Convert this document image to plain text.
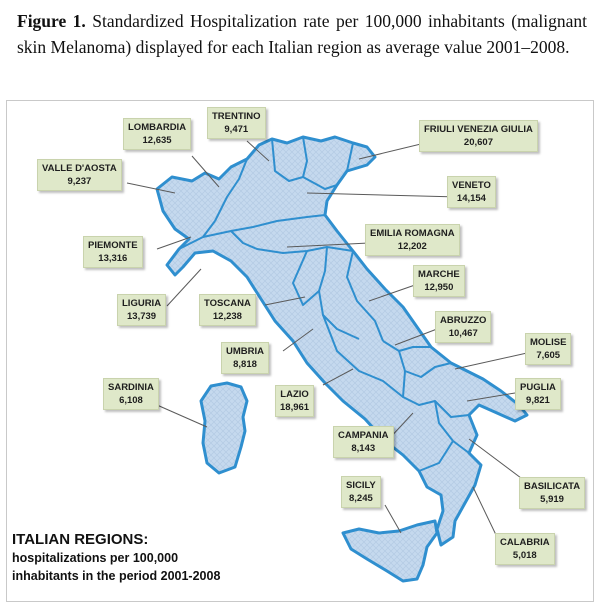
Figure 1. Standardized Hospitalization rate per 100,000 inhabitants (malignant skin Melanoma) displayed for each Italian region as average value 2001–2008.
TRENTINO
9,471
LOMBARDIA
12,635
FRIULI VENEZIA GIULIA
20,607
VALLE D'AOSTA
9,237	VENETO
14,154
EMILIA ROMAGNA
12,202
PIEMONTE
13,316
MARCHE
12,950
LIGURIA
13,739
TOSCANA
12,238	ABRUZZO
10,467
MOLISE
7,605
UMBRIA
8,818
SARDINIA
6,108
PUGLIA
9,821
LAZIO
18,961
CAMPANIA
8,143
SICILY
8,245
BASILICATA
5,919
CALABRIA
5,018
ITALIAN REGIONS:
hospitalizations per 100,000
inhabitants in the period 2001-2008
